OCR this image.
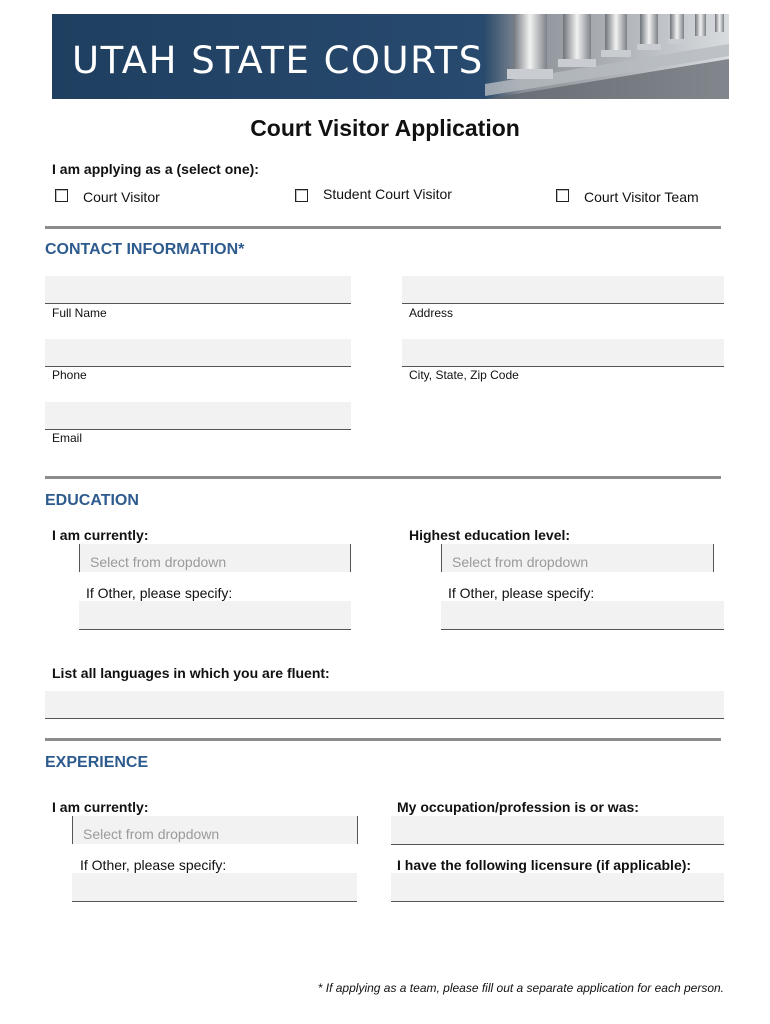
UTAH STATE COURTS
Court Visitor Application
I am applying as a (select one):
Court Visitor	Student Court Visitor	Court Visitor Team
CONTACT INFORMATION*
Full Name	Address
Phone	City, State, Zip Code
Email
EDUCATION
I am currently:
Select from dropdown
If Other, please specify:
Highest education level:
Select from dropdown
If Other, please specify:
List all languages in which you are fluent:
EXPERIENCE
I am currently:
Select from dropdown
If Other, please specify:
My occupation/profession is or was:
I have the following licensure (if applicable):
* If applying as a team, please fill out a separate application for each person.
